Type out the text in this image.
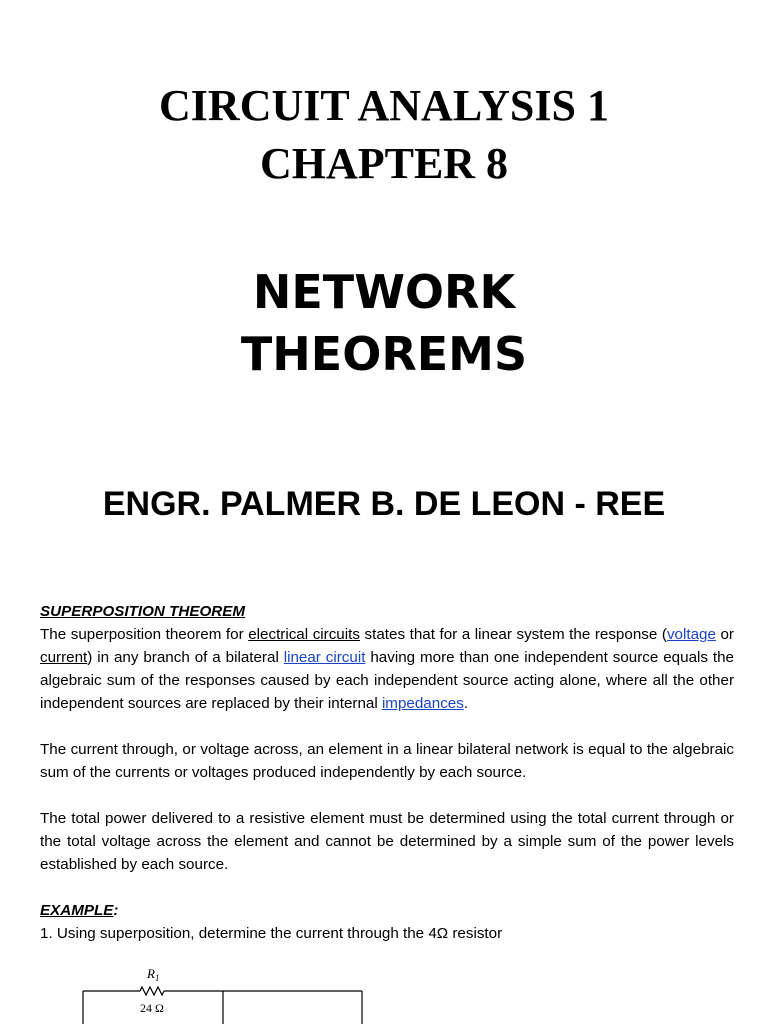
CIRCUIT ANALYSIS 1
CHAPTER 8
NETWORK
THEOREMS
ENGR. PALMER B. DE LEON - REE

SUPERPOSITION THEOREM

The superposition theorem for electrical circuits states that for a linear system the response (voltage or current) in any branch of a bilateral linear circuit having more than one independent source equals the algebraic sum of the responses caused by each independent source acting alone, where all the other independent sources are replaced by their internal impedances.

The current through, or voltage across, an element in a linear bilateral network is equal to the algebraic sum of the currents or voltages produced independently by each source.

The total power delivered to a resistive element must be determined using the total current through or the total voltage across the element and cannot be determined by a simple sum of the power levels established by each source.

EXAMPLE:

1. Using superposition, determine the current through the 4Ω resistor

$R_1$
24 Ω
